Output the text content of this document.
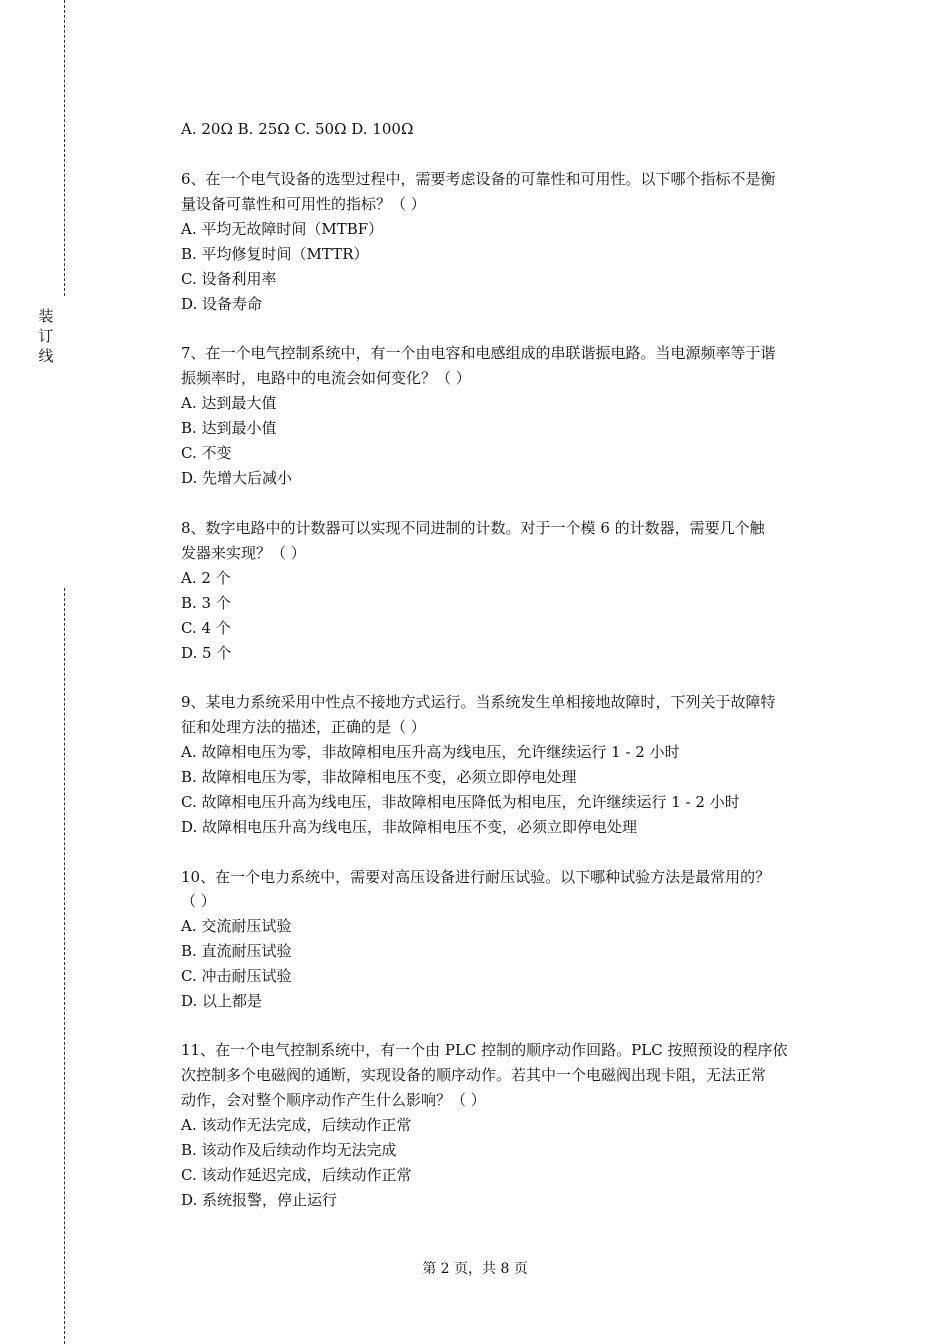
装
订
线
A. 20Ω B. 25Ω C. 50Ω D. 100Ω
6、在一个电气设备的选型过程中，需要考虑设备的可靠性和可用性。以下哪个指标不是衡
量设备可靠性和可用性的指标？（ ）
A. 平均无故障时间（MTBF）
B. 平均修复时间（MTTR）
C. 设备利用率
D. 设备寿命
7、在一个电气控制系统中，有一个由电容和电感组成的串联谐振电路。当电源频率等于谐
振频率时，电路中的电流会如何变化？（ ）
A. 达到最大值
B. 达到最小值
C. 不变
D. 先增大后减小
8、数字电路中的计数器可以实现不同进制的计数。对于一个模 6 的计数器，需要几个触
发器来实现？（ ）
A. 2 个
B. 3 个
C. 4 个
D. 5 个
9、某电力系统采用中性点不接地方式运行。当系统发生单相接地故障时，下列关于故障特
征和处理方法的描述，正确的是（ ）
A. 故障相电压为零，非故障相电压升高为线电压，允许继续运行 1 - 2 小时
B. 故障相电压为零，非故障相电压不变，必须立即停电处理
C. 故障相电压升高为线电压，非故障相电压降低为相电压，允许继续运行 1 - 2 小时
D. 故障相电压升高为线电压，非故障相电压不变，必须立即停电处理
10、在一个电力系统中，需要对高压设备进行耐压试验。以下哪种试验方法是最常用的？
（ ）
A. 交流耐压试验
B. 直流耐压试验
C. 冲击耐压试验
D. 以上都是
11、在一个电气控制系统中，有一个由 PLC 控制的顺序动作回路。PLC 按照预设的程序依
次控制多个电磁阀的通断，实现设备的顺序动作。若其中一个电磁阀出现卡阻，无法正常
动作，会对整个顺序动作产生什么影响？（ ）
A. 该动作无法完成，后续动作正常
B. 该动作及后续动作均无法完成
C. 该动作延迟完成，后续动作正常
D. 系统报警，停止运行
第 2 页，共 8 页
